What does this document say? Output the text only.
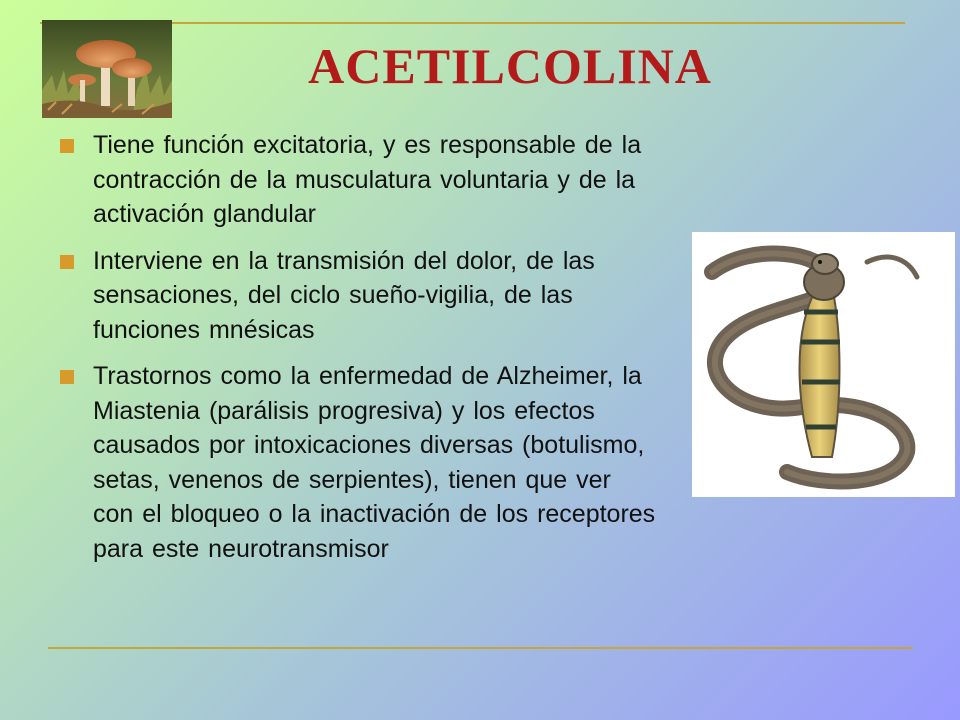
ACETILCOLINA
Tiene función excitatoria, y es responsable de la contracción de la musculatura voluntaria y de la activación glandular
Interviene en la transmisión del dolor, de las sensaciones, del ciclo sueño-vigilia, de las funciones mnésicas
Trastornos como la enfermedad de Alzheimer, la Miastenia (parálisis progresiva) y los efectos causados por intoxicaciones diversas (botulismo, setas, venenos de serpientes), tienen que ver con el bloqueo o la inactivación de los receptores para este neurotransmisor
